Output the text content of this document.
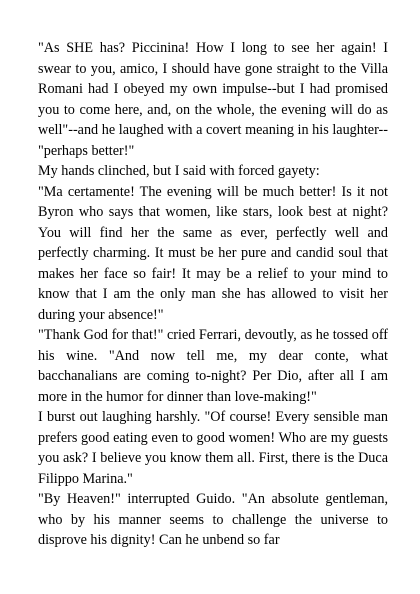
"As SHE has? Piccinina! How I long to see her again! I swear to you, amico, I should have gone straight to the Villa Romani had I obeyed my own impulse--but I had promised you to come here, and, on the whole, the evening will do as well"--and he laughed with a covert meaning in his laughter--"perhaps better!"

My hands clinched, but I said with forced gayety:

"Ma certamente! The evening will be much better! Is it not Byron who says that women, like stars, look best at night? You will find her the same as ever, perfectly well and perfectly charming. It must be her pure and candid soul that makes her face so fair! It may be a relief to your mind to know that I am the only man she has allowed to visit her during your absence!"

"Thank God for that!" cried Ferrari, devoutly, as he tossed off his wine. "And now tell me, my dear conte, what bacchanalians are coming to-night? Per Dio, after all I am more in the humor for dinner than love-making!"

I burst out laughing harshly. "Of course! Every sensible man prefers good eating even to good women! Who are my guests you ask? I believe you know them all. First, there is the Duca Filippo Marina."

"By Heaven!" interrupted Guido. "An absolute gentleman, who by his manner seems to challenge the universe to disprove his dignity! Can he unbend so far
